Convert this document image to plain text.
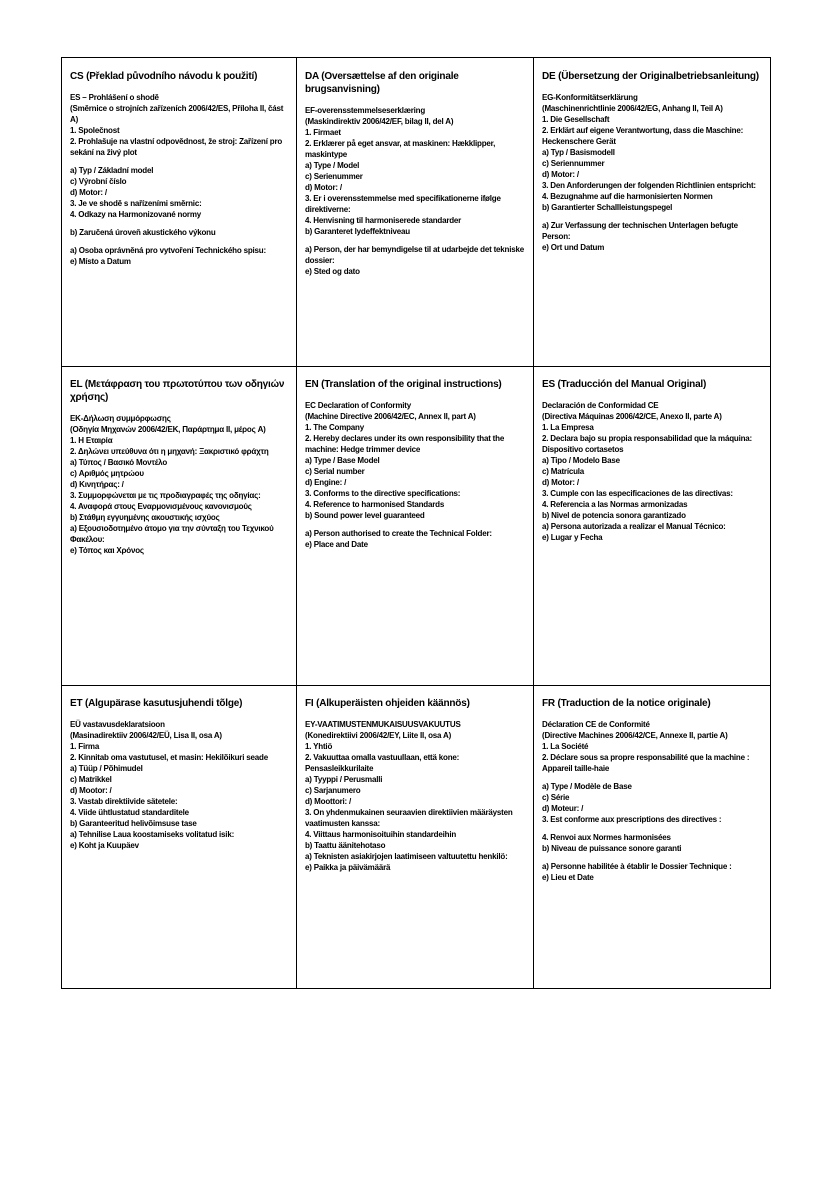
CS (Překlad původního návodu k použití)
ES – Prohlášení o shodě
(Směrnice o strojních zařízeních 2006/42/ES, Příloha II, část A)
1. Společnost
2. Prohlašuje na vlastní odpovědnost, že stroj: Zařízení pro sekání na živý plot
a) Typ / Základní model
c) Výrobní číslo
d) Motor: /
3. Je ve shodě s nařízeními směrnic:
4. Odkazy na Harmonizované normy
b) Zaručená úroveň akustického výkonu
a) Osoba oprávněná pro vytvoření Technického spisu:
e) Místo a Datum
DA (Oversættelse af den originale brugsanvisning)
EF-overensstemmelseserklæring
(Maskindirektiv 2006/42/EF, bilag II, del A)
1. Firmaet
2. Erklærer på eget ansvar, at maskinen: Hækklipper, maskintype
a) Type / Model
c) Serienummer
d) Motor: /
3. Er i overensstemmelse med specifikationerne ifølge direktiverne:
4. Henvisning til harmoniserede standarder
b) Garanteret lydeffektniveau
a) Person, der har bemyndigelse til at udarbejde det tekniske dossier:
e) Sted og dato
DE (Übersetzung der Originalbetriebsanleitung)
EG-Konformitätserklärung
(Maschinenrichtlinie 2006/42/EG, Anhang II, Teil A)
1. Die Gesellschaft
2. Erklärt auf eigene Verantwortung, dass die Maschine: Heckenschere Gerät
a) Typ / Basismodell
c) Seriennummer
d) Motor: /
3. Den Anforderungen der folgenden Richtlinien entspricht:
4. Bezugnahme auf die harmonisierten Normen
b) Garantierter Schallleistungspegel
a) Zur Verfassung der technischen Unterlagen befugte Person:
e) Ort und Datum
EL (Μετάφραση του πρωτοτύπου των οδηγιών χρήσης)
ΕΚ-Δήλωση συμμόρφωσης
(Οδηγία Μηχανών 2006/42/ΕΚ, Παράρτημα II, μέρος A)
1. Η Εταιρία
2. Δηλώνει υπεύθυνα ότι η μηχανή: Ξακριστικό φράχτη
a) Τύπος / Βασικό Μοντέλο
c) Αριθμός μητρώου
d) Κινητήρας: /
3. Συμμορφώνεται με τις προδιαγραφές της οδηγίας:
4. Αναφορά στους Εναρμονισμένους κανονισμούς
b) Στάθμη εγγυημένης ακουστικής ισχύος
a) Εξουσιοδοτημένο άτομο για την σύνταξη του Τεχνικού Φακέλου:
e) Τόπος και Χρόνος
EN (Translation of the original instructions)
EC Declaration of Conformity
(Machine Directive 2006/42/EC, Annex II, part A)
1. The Company
2. Hereby declares under its own responsibility that the machine: Hedge trimmer device
a) Type / Base Model
c) Serial number
d) Engine: /
3. Conforms to the directive specifications:
4. Reference to harmonised Standards
b) Sound power level guaranteed
a) Person authorised to create the Technical Folder:
e) Place and Date
ES (Traducción del Manual Original)
Declaración de Conformidad CE
(Directiva Máquinas 2006/42/CE, Anexo II, parte A)
1. La Empresa
2. Declara bajo su propia responsabilidad que la máquina: Dispositivo cortasetos
a) Tipo / Modelo Base
c) Matrícula
d) Motor: /
3. Cumple con las especificaciones de las directivas:
4. Referencia a las Normas armonizadas
b) Nivel de potencia sonora garantizado
a) Persona autorizada a realizar el Manual Técnico:
e) Lugar y Fecha
ET (Algupärase kasutusjuhendi tõlge)
EÜ vastavusdeklaratsioon
(Masinadirektiiv 2006/42/EÜ, Lisa II, osa A)
1. Firma
2. Kinnitab oma vastutusel, et masin: Hekilõikuri seade
a) Tüüp / Põhimudel
c) Matrikkel
d) Mootor: /
3. Vastab direktiivide sätetele:
4. Viide ühtlustatud standarditele
b) Garanteeritud helivõimsuse tase
a) Tehnilise Laua koostamiseks volitatud isik:
e) Koht ja Kuupäev
FI (Alkuperäisten ohjeiden käännös)
EY-VAATIMUSTENMUKAISUUSVAKUUTUS
(Konedirektiivi 2006/42/EY, Liite II, osa A)
1. Yhtiö
2. Vakuuttaa omalla vastuullaan, että kone: Pensasleikkurilaite
a) Tyyppi / Perusmalli
c) Sarjanumero
d) Moottori: /
3. On yhdenmukainen seuraavien direktiivien määräysten vaatimusten kanssa:
4. Viittaus harmonisoituihin standardeihin
b) Taattu äänitehotaso
a) Teknisten asiakirjojen laatimiseen valtuutettu henkilö:
e) Paikka ja päivämäärä
FR (Traduction de la notice originale)
Déclaration CE de Conformité
(Directive Machines 2006/42/CE, Annexe II, partie A)
1. La Société
2. Déclare sous sa propre responsabilité que la machine : Appareil taille-haie
a) Type / Modèle de Base
c) Série
d) Moteur: /
3. Est conforme aux prescriptions des directives :
4. Renvoi aux Normes harmonisées
b) Niveau de puissance sonore garanti
a) Personne habilitée à établir le Dossier Technique :
e) Lieu et Date
